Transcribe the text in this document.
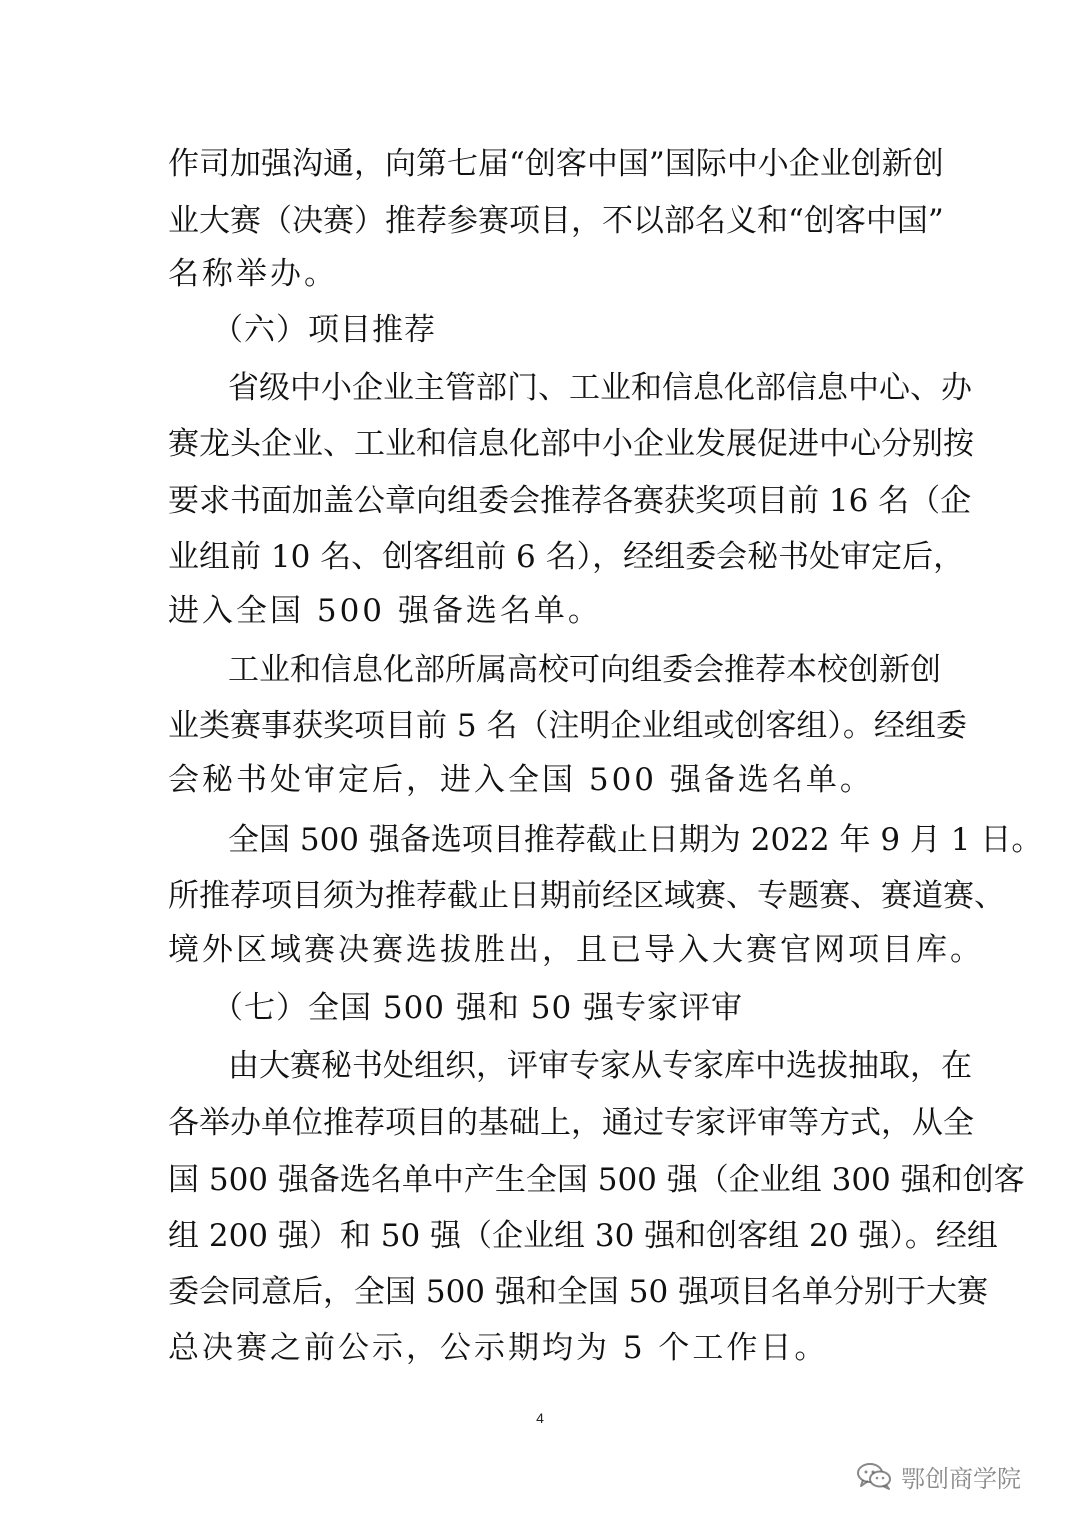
作司加强沟通，向第七届“创客中国”国际中小企业创新创
业大赛（决赛）推荐参赛项目，不以部名义和“创客中国”
名称举办。
（六）项目推荐
省级中小企业主管部门、工业和信息化部信息中心、办
赛龙头企业、工业和信息化部中小企业发展促进中心分别按
要求书面加盖公章向组委会推荐各赛获奖项目前 16 名（企
业组前 10 名、创客组前 6 名），经组委会秘书处审定后，
进入全国 500 强备选名单。
工业和信息化部所属高校可向组委会推荐本校创新创
业类赛事获奖项目前 5 名（注明企业组或创客组）。经组委
会秘书处审定后，进入全国 500 强备选名单。
全国 500 强备选项目推荐截止日期为 2022 年 9 月 1 日。
所推荐项目须为推荐截止日期前经区域赛、专题赛、赛道赛、
境外区域赛决赛选拔胜出，且已导入大赛官网项目库。
（七）全国 500 强和 50 强专家评审
由大赛秘书处组织，评审专家从专家库中选拔抽取，在
各举办单位推荐项目的基础上，通过专家评审等方式，从全
国 500 强备选名单中产生全国 500 强（企业组 300 强和创客
组 200 强）和 50 强（企业组 30 强和创客组 20 强）。经组
委会同意后，全国 500 强和全国 50 强项目名单分别于大赛
总决赛之前公示，公示期均为 5 个工作日。
4
鄂创商学院
